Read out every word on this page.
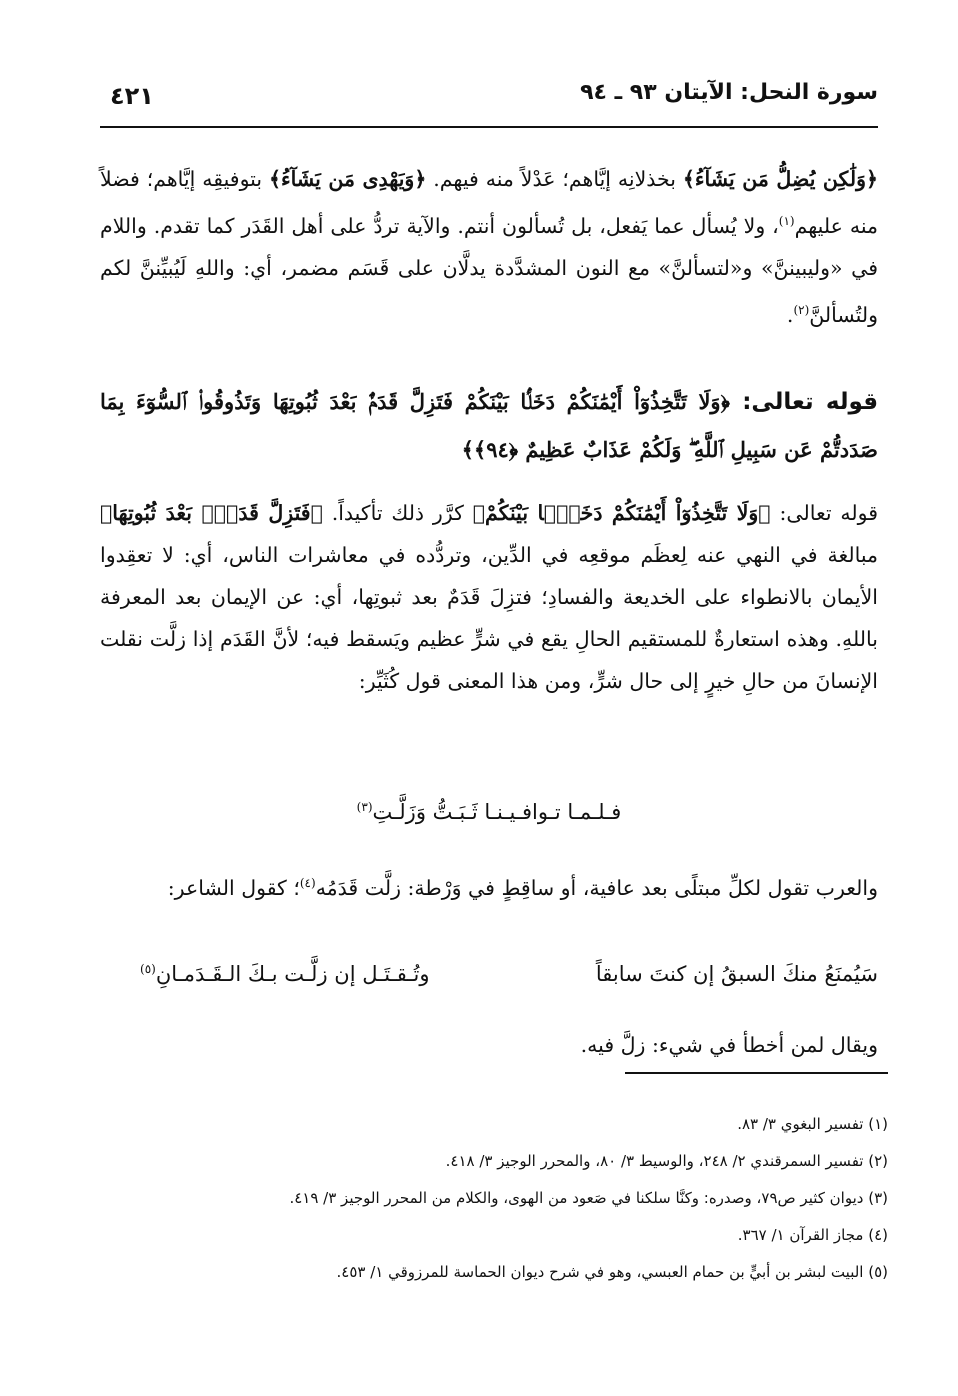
سورة النحل: الآيتان ٩٣ ـ ٩٤
٤٢١
﴿وَلَٰكِن يُضِلُّ مَن يَشَآءُ﴾ بخذلانِه إيَّاهم؛ عَدْلاً منه فيهم. ﴿وَيَهْدِى مَن يَشَآءُ﴾ بتوفيقِه إيَّاهم؛ فضلاً منه عليهم$^{(١)}$، ولا يُسأل عما يَفعل، بل تُسألون أنتم. والآية تردُّ على أهل القَدَر كما تقدم. واللام في «وليبيننَّ» و«لتسألنَّ» مع النون المشدَّدة يدلَّان على قَسَم مضمر، أي: واللهِ لَيُبيِّننَّ لكم ولتُسألنَّ$^{(٢)}$.
قوله تعالى: ﴿وَلَا تَتَّخِذُوٓاْ أَيْمَٰنَكُمْ دَخَلًۢا بَيْنَكُمْ فَتَزِلَّ قَدَمٌۢ بَعْدَ ثُبُوتِهَا وَتَذُوقُوا۟ ٱلسُّوٓءَ بِمَا صَدَدتُّمْ عَن سَبِيلِ ٱللَّهِ ۖ وَلَكُمْ عَذَابٌ عَظِيمٌ ﴿٩٤﴾﴾
قوله تعالى: ﴿وَلَا تَتَّخِذُوٓاْ أَيْمَٰنَكُمْ دَخَلًۢا بَيْنَكُمْ﴾ كرَّر ذلك تأكيداً. ﴿فَتَزِلَّ قَدَمٌۢ بَعْدَ ثُبُوتِهَا﴾ مبالغة في النهي عنه لِعظَم موقعِه في الدِّين، وتردُّده في معاشرات الناس، أي: لا تعقِدوا الأيمان بالانطواء على الخديعة والفسادِ؛ فتزِلَ قَدَمٌ بعد ثبوتِها، أي: عن الإيمان بعد المعرفة باللهِ. وهذه استعارةٌ للمستقيم الحالِ يقع في شرٍّ عظيم ويَسقط فيه؛ لأنَّ القَدَم إذا زلَّت نقلت الإنسانَ من حالِ خيرٍ إلى حال شرٍّ، ومن هذا المعنى قول كُثَيِّر:
فـلـمـا تـوافـيـنـا ثَـبَـتُّ وَزَلَّـتِ$^{(٣)}$
والعرب تقول لكلِّ مبتلًى بعد عافية، أو ساقِطٍ في وَرْطة: زلَّت قَدَمُه$^{(٤)}$؛ كقول الشاعر:
سَيُمنَعُ منكَ السبقُ إن كنتَ سابقاً
وتُـقـتَـل إن زلَّـت بـكَ الـقَـدَمـانِ$^{(٥)}$
ويقال لمن أخطأ في شيء: زلَّ فيه.
(١) تفسير البغوي ٣/ ٨٣.
(٢) تفسير السمرقندي ٢/ ٢٤٨، والوسيط ٣/ ٨٠، والمحرر الوجيز ٣/ ٤١٨.
(٣) ديوان كثير ص٧٩، وصدره: وكنَّا سلكنا في صَعود من الهوى، والكلام من المحرر الوجيز ٣/ ٤١٩.
(٤) مجاز القرآن ١/ ٣٦٧.
(٥) البيت لبشر بن أبيٍّ بن حمام العبسي، وهو في شرح ديوان الحماسة للمرزوقي ١/ ٤٥٣.
